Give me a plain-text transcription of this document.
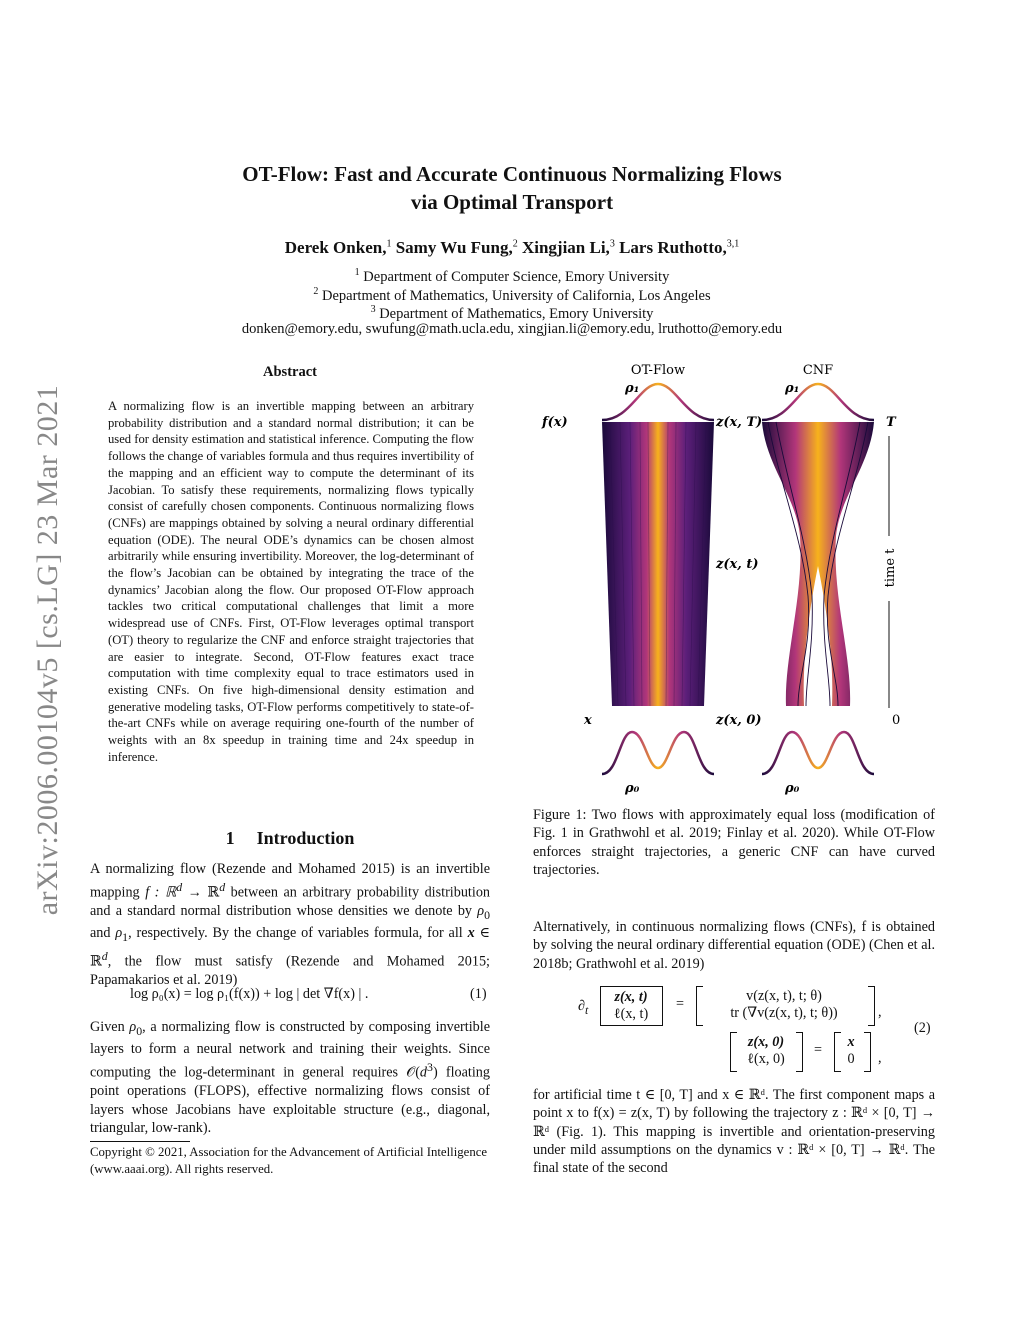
OT-Flow: Fast and Accurate Continuous Normalizing Flows
via Optimal Transport
Derek Onken,$^1$ Samy Wu Fung,$^2$ Xingjian Li,$^3$ Lars Ruthotto,$^{3,1}$
$^1$ Department of Computer Science, Emory University
$^2$ Department of Mathematics, University of California, Los Angeles
$^3$ Department of Mathematics, Emory University
donken@emory.edu, swufung@math.ucla.edu, xingjian.li@emory.edu, lruthotto@emory.edu
arXiv:2006.00104v5 [cs.LG] 23 Mar 2021
Abstract
A normalizing flow is an invertible mapping between an arbitrary probability distribution and a standard normal distribution; it can be used for density estimation and statistical inference. Computing the flow follows the change of variables formula and thus requires invertibility of the mapping and an efficient way to compute the determinant of its Jacobian. To satisfy these requirements, normalizing flows typically consist of carefully chosen components. Continuous normalizing flows (CNFs) are mappings obtained by solving a neural ordinary differential equation (ODE). The neural ODE’s dynamics can be chosen almost arbitrarily while ensuring invertibility. Moreover, the log-determinant of the flow’s Jacobian can be obtained by integrating the trace of the dynamics’ Jacobian along the flow. Our proposed OT-Flow approach tackles two critical computational challenges that limit a more widespread use of CNFs. First, OT-Flow leverages optimal transport (OT) theory to regularize the CNF and enforce straight trajectories that are easier to integrate. Second, OT-Flow features exact trace computation with time complexity equal to trace estimators used in existing CNFs. On five high-dimensional density estimation and generative modeling tasks, OT-Flow performs competitively to state-of-the-art CNFs while on average requiring one-fourth of the number of weights with an 8x speedup in training time and 24x speedup in inference.
1 Introduction
A normalizing flow (Rezende and Mohamed 2015) is an invertible mapping f : ℝ$^d$ → ℝ$^d$ between an arbitrary probability distribution and a standard normal distribution whose densities we denote by $\rho_0$ and $\rho_1$, respectively. By the change of variables formula, for all x ∈ ℝ$^d$, the flow must satisfy (Rezende and Mohamed 2015; Papamakarios et al. 2019)
log ρ₀(x) = log ρ₁(f(x)) + log | det ∇f(x) | .	(1)
Given $\rho_0$, a normalizing flow is constructed by composing invertible layers to form a neural network and training their weights. Since computing the log-determinant in general requires $𝒪(d^3)$ floating point operations (FLOPS), effective normalizing flows consist of layers whose Jacobians have exploitable structure (e.g., diagonal, triangular, low-rank).
Copyright © 2021, Association for the Advancement of Artificial Intelligence (www.aaai.org). All rights reserved.
OT-Flow	CNF
ρ₁	ρ₁
f(x)	z(x, T)
z(x, t)
x	z(x, 0)
T
0
time t
ρ₀	ρ₀
Figure 1: Two flows with approximately equal loss (modification of Fig. 1 in Grathwohl et al. 2019; Finlay et al. 2020). While OT-Flow enforces straight trajectories, a generic CNF can have curved trajectories.
Alternatively, in continuous normalizing flows (CNFs), f is obtained by solving the neural ordinary differential equation (ODE) (Chen et al. 2018b; Grathwohl et al. 2019)
$\partial_t$
z(x, t)
ℓ(x, t)
=	v(z(x, t), t; θ)
tr (∇v(z(x, t), t; θ))	,
z(x, 0)
ℓ(x, 0)
= x
0 ,
(2)
for artificial time t ∈ [0, T] and x ∈ ℝᵈ. The first component maps a point x to f(x) = z(x, T) by following the trajectory z : ℝᵈ × [0, T] → ℝᵈ (Fig. 1). This mapping is invertible and orientation-preserving under mild assumptions on the dynamics v : ℝᵈ × [0, T] → ℝᵈ. The final state of the second
